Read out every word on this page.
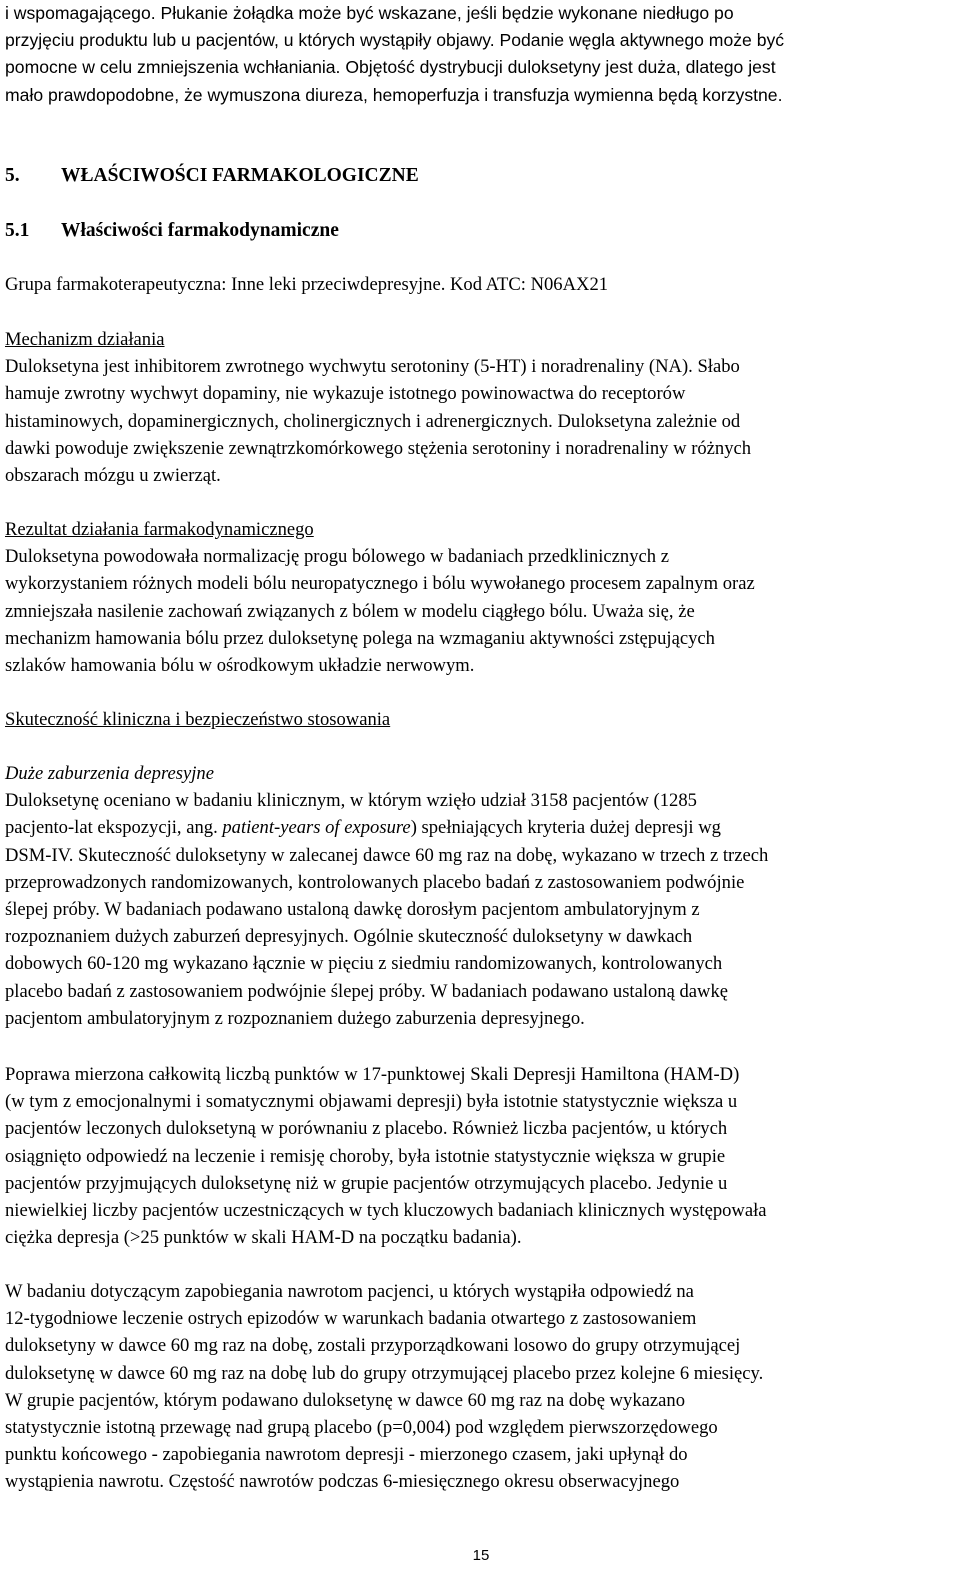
i wspomagającego. Płukanie żołądka może być wskazane, jeśli będzie wykonane niedługo po
przyjęciu produktu lub u pacjentów, u których wystąpiły objawy. Podanie węgla aktywnego może być
pomocne w celu zmniejszenia wchłaniania. Objętość dystrybucji duloksetyny jest duża, dlatego jest
mało prawdopodobne, że wymuszona diureza, hemoperfuzja i transfuzja wymienna będą korzystne.
5. WŁAŚCIWOŚCI FARMAKOLOGICZNE
5.1 Właściwości farmakodynamiczne
Grupa farmakoterapeutyczna: Inne leki przeciwdepresyjne. Kod ATC: N06AX21
Mechanizm działania
Duloksetyna jest inhibitorem zwrotnego wychwytu serotoniny (5-HT) i noradrenaliny (NA). Słabo
hamuje zwrotny wychwyt dopaminy, nie wykazuje istotnego powinowactwa do receptorów
histaminowych, dopaminergicznych, cholinergicznych i adrenergicznych. Duloksetyna zależnie od
dawki powoduje zwiększenie zewnątrzkomórkowego stężenia serotoniny i noradrenaliny w różnych
obszarach mózgu u zwierząt.
Rezultat działania farmakodynamicznego
Duloksetyna powodowała normalizację progu bólowego w badaniach przedklinicznych z
wykorzystaniem różnych modeli bólu neuropatycznego i bólu wywołanego procesem zapalnym oraz
zmniejszała nasilenie zachowań związanych z bólem w modelu ciągłego bólu. Uważa się, że
mechanizm hamowania bólu przez duloksetynę polega na wzmaganiu aktywności zstępujących
szlaków hamowania bólu w ośrodkowym układzie nerwowym.
Skuteczność kliniczna i bezpieczeństwo stosowania
Duże zaburzenia depresyjne
Duloksetynę oceniano w badaniu klinicznym, w którym wzięło udział 3158 pacjentów (1285
pacjento-lat ekspozycji, ang. patient-years of exposure) spełniających kryteria dużej depresji wg
DSM-IV. Skuteczność duloksetyny w zalecanej dawce 60 mg raz na dobę, wykazano w trzech z trzech
przeprowadzonych randomizowanych, kontrolowanych placebo badań z zastosowaniem podwójnie
ślepej próby. W badaniach podawano ustaloną dawkę dorosłym pacjentom ambulatoryjnym z
rozpoznaniem dużych zaburzeń depresyjnych. Ogólnie skuteczność duloksetyny w dawkach
dobowych 60-120 mg wykazano łącznie w pięciu z siedmiu randomizowanych, kontrolowanych
placebo badań z zastosowaniem podwójnie ślepej próby. W badaniach podawano ustaloną dawkę
pacjentom ambulatoryjnym z rozpoznaniem dużego zaburzenia depresyjnego.
Poprawa mierzona całkowitą liczbą punktów w 17-punktowej Skali Depresji Hamiltona (HAM-D)
(w tym z emocjonalnymi i somatycznymi objawami depresji) była istotnie statystycznie większa u
pacjentów leczonych duloksetyną w porównaniu z placebo. Również liczba pacjentów, u których
osiągnięto odpowiedź na leczenie i remisję choroby, była istotnie statystycznie większa w grupie
pacjentów przyjmujących duloksetynę niż w grupie pacjentów otrzymujących placebo. Jedynie u
niewielkiej liczby pacjentów uczestniczących w tych kluczowych badaniach klinicznych występowała
ciężka depresja (>25 punktów w skali HAM-D na początku badania).
W badaniu dotyczącym zapobiegania nawrotom pacjenci, u których wystąpiła odpowiedź na
12-tygodniowe leczenie ostrych epizodów w warunkach badania otwartego z zastosowaniem
duloksetyny w dawce 60 mg raz na dobę, zostali przyporządkowani losowo do grupy otrzymującej
duloksetynę w dawce 60 mg raz na dobę lub do grupy otrzymującej placebo przez kolejne 6 miesięcy.
W grupie pacjentów, którym podawano duloksetynę w dawce 60 mg raz na dobę wykazano
statystycznie istotną przewagę nad grupą placebo (p=0,004) pod względem pierwszorzędowego
punktu końcowego - zapobiegania nawrotom depresji - mierzonego czasem, jaki upłynął do
wystąpienia nawrotu. Częstość nawrotów podczas 6-miesięcznego okresu obserwacyjnego
15
